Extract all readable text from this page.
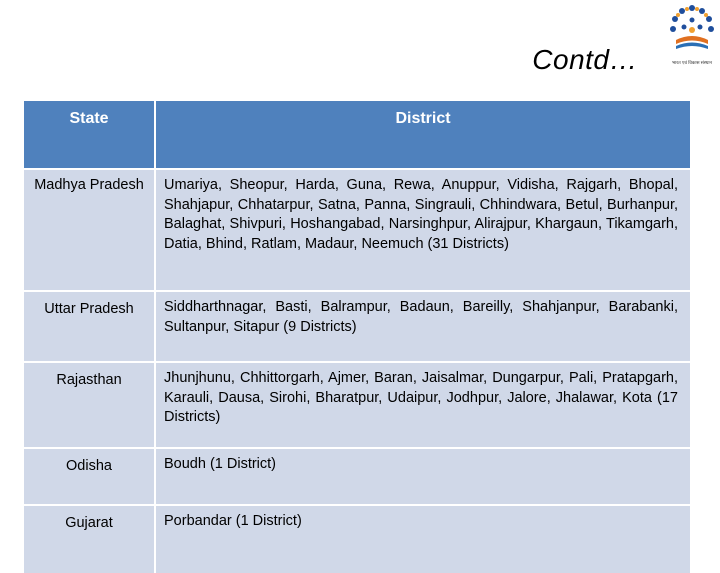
Contd…	भारत एवं विकास संस्थान
State	District
Madhya Pradesh	Umariya, Sheopur, Harda, Guna, Rewa, Anuppur, Vidisha, Rajgarh, Bhopal, Shahjapur, Chhatarpur, Satna, Panna, Singrauli, Chhindwara, Betul, Burhanpur, Balaghat, Shivpuri, Hoshangabad, Narsinghpur, Alirajpur, Khargaun, Tikamgarh, Datia, Bhind, Ratlam, Madaur, Neemuch (31 Districts)
Uttar Pradesh	Siddharthnagar, Basti, Balrampur, Badaun, Bareilly, Shahjanpur, Barabanki, Sultanpur, Sitapur (9 Districts)
Rajasthan	Jhunjhunu, Chhittorgarh, Ajmer, Baran, Jaisalmar, Dungarpur, Pali, Pratapgarh, Karauli, Dausa, Sirohi, Bharatpur, Udaipur, Jodhpur, Jalore, Jhalawar, Kota (17 Districts)
Odisha	Boudh (1 District)
Gujarat	Porbandar (1 District)
